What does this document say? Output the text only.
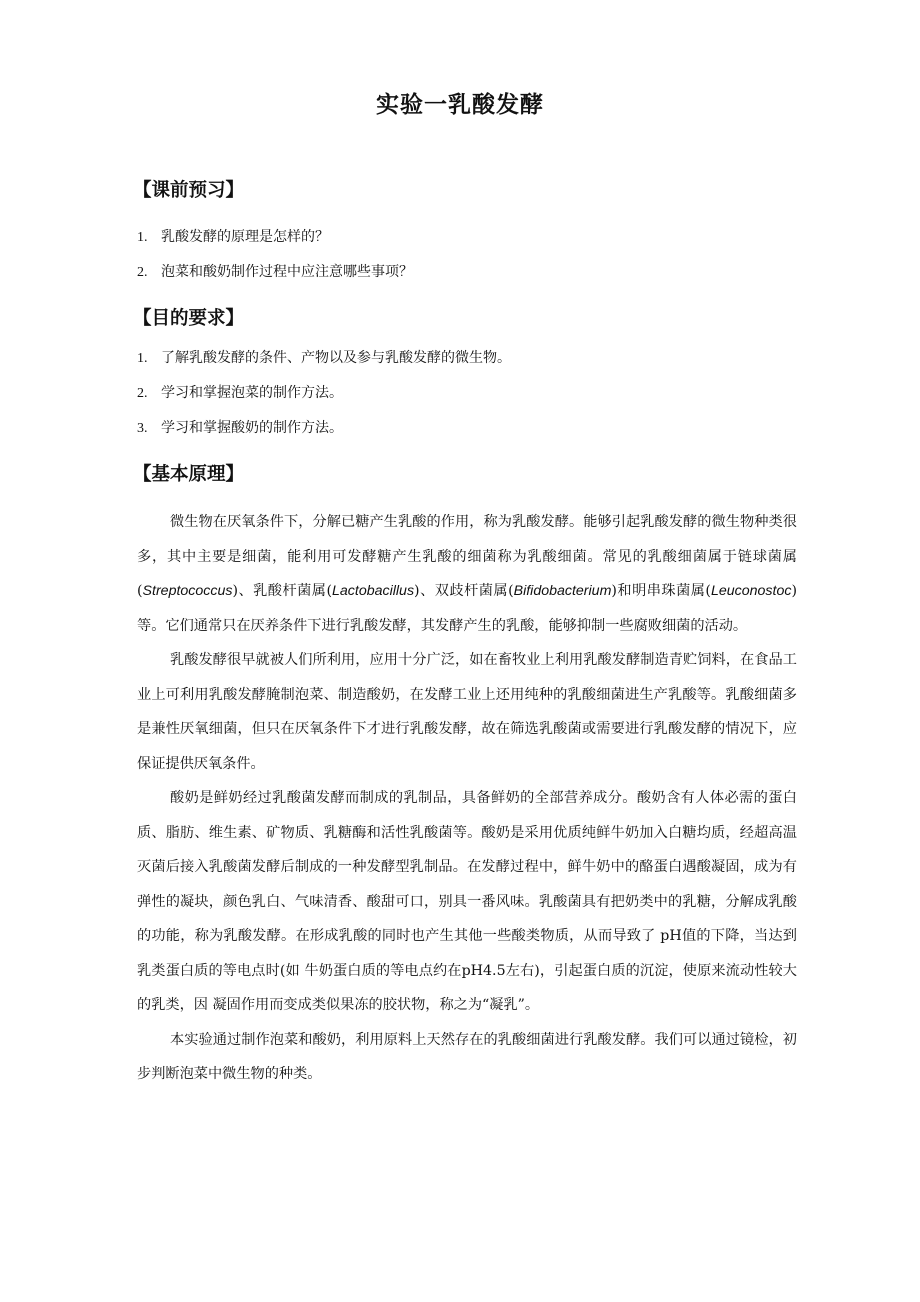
实验一乳酸发酵
【课前预习】
1. 乳酸发酵的原理是怎样的？
2. 泡菜和酸奶制作过程中应注意哪些事项？
【目的要求】
1. 了解乳酸发酵的条件、产物以及参与乳酸发酵的微生物。
2. 学习和掌握泡菜的制作方法。
3. 学习和掌握酸奶的制作方法。
【基本原理】

微生物在厌氧条件下，分解已糖产生乳酸的作用，称为乳酸发酵。能够引起乳酸发酵的微生物种类很多，其中主要是细菌，能利用可发酵糖产生乳酸的细菌称为乳酸细菌。常见的乳酸细菌属于链球菌属(Streptococcus)、乳酸杆菌属(Lactobacillus)、双歧杆菌属(Bifidobacterium)和明串珠菌属(Leuconostoc)等。它们通常只在厌养条件下进行乳酸发酵，其发酵产生的乳酸，能够抑制一些腐败细菌的活动。

乳酸发酵很早就被人们所利用，应用十分广泛，如在畜牧业上利用乳酸发酵制造青贮饲料，在食品工业上可利用乳酸发酵腌制泡菜、制造酸奶，在发酵工业上还用纯种的乳酸细菌进生产乳酸等。乳酸细菌多是兼性厌氧细菌，但只在厌氧条件下才进行乳酸发酵，故在筛选乳酸菌或需要进行乳酸发酵的情况下，应保证提供厌氧条件。

酸奶是鲜奶经过乳酸菌发酵而制成的乳制品，具备鲜奶的全部营养成分。酸奶含有人体必需的蛋白质、脂肪、维生素、矿物质、乳糖酶和活性乳酸菌等。酸奶是采用优质纯鲜牛奶加入白糖均质，经超高温灭菌后接入乳酸菌发酵后制成的一种发酵型乳制品。在发酵过程中，鲜牛奶中的酪蛋白遇酸凝固，成为有弹性的凝块，颜色乳白、气味清香、酸甜可口，别具一番风味。乳酸菌具有把奶类中的乳糖，分解成乳酸的功能，称为乳酸发酵。在形成乳酸的同时也产生其他一些酸类物质，从而导致了 pH值的下降，当达到乳类蛋白质的等电点时(如 牛奶蛋白质的等电点约在pH4.5左右)，引起蛋白质的沉淀，使原来流动性较大的乳类，因 凝固作用而变成类似果冻的胶状物，称之为“凝乳”。

本实验通过制作泡菜和酸奶，利用原料上天然存在的乳酸细菌进行乳酸发酵。我们可以通过镜检，初步判断泡菜中微生物的种类。
